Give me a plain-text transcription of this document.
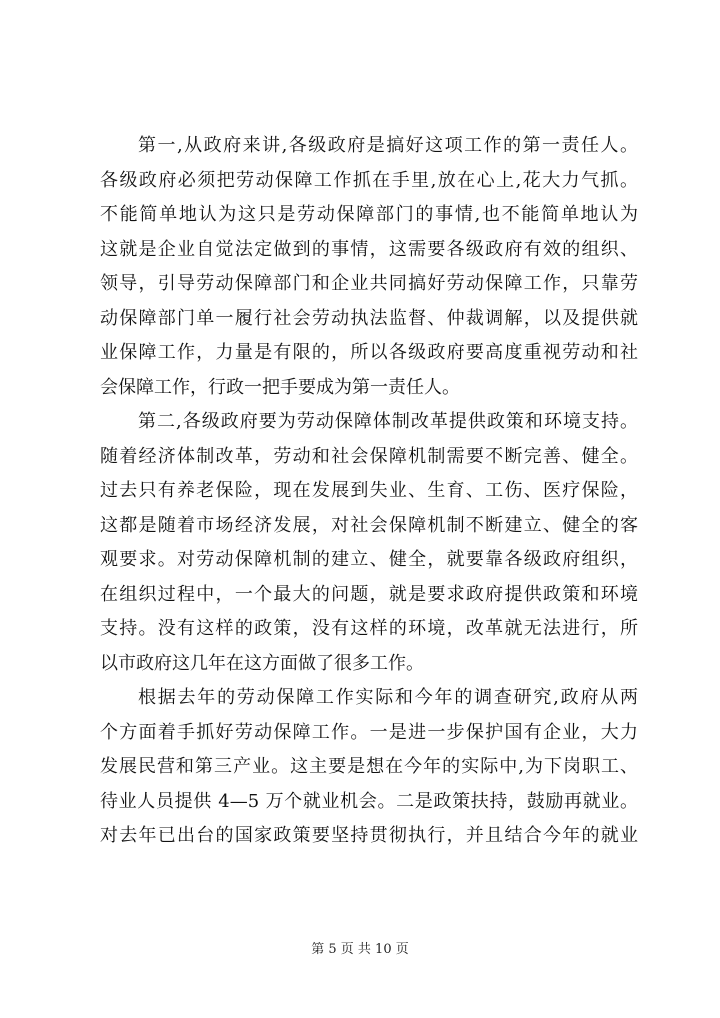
第一,从政府来讲,各级政府是搞好这项工作的第一责任人。
各级政府必须把劳动保障工作抓在手里,放在心上,花大力气抓。
不能简单地认为这只是劳动保障部门的事情,也不能简单地认为
这就是企业自觉法定做到的事情，这需要各级政府有效的组织、
领导，引导劳动保障部门和企业共同搞好劳动保障工作，只靠劳
动保障部门单一履行社会劳动执法监督、仲裁调解，以及提供就
业保障工作，力量是有限的，所以各级政府要高度重视劳动和社
会保障工作，行政一把手要成为第一责任人。
第二,各级政府要为劳动保障体制改革提供政策和环境支持。
随着经济体制改革，劳动和社会保障机制需要不断完善、健全。
过去只有养老保险，现在发展到失业、生育、工伤、医疗保险，
这都是随着市场经济发展，对社会保障机制不断建立、健全的客
观要求。对劳动保障机制的建立、健全，就要靠各级政府组织，
在组织过程中，一个最大的问题，就是要求政府提供政策和环境
支持。没有这样的政策，没有这样的环境，改革就无法进行，所
以市政府这几年在这方面做了很多工作。
根据去年的劳动保障工作实际和今年的调查研究,政府从两
个方面着手抓好劳动保障工作。一是进一步保护国有企业，大力
发展民营和第三产业。这主要是想在今年的实际中,为下岗职工、
待业人员提供 4—5 万个就业机会。二是政策扶持，鼓励再就业。
对去年已出台的国家政策要坚持贯彻执行，并且结合今年的就业
第 5 页 共 10 页
